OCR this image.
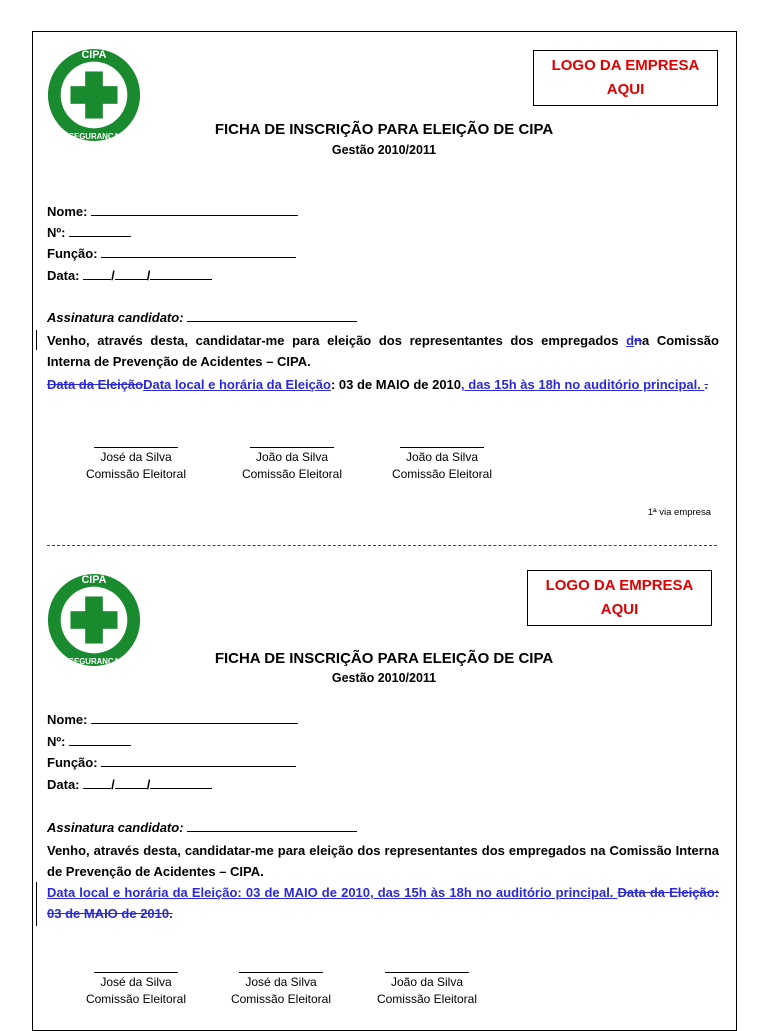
CIPA
SEGURANÇA
LOGO DA EMPRESA
AQUI
FICHA DE INSCRIÇÃO PARA ELEIÇÃO DE CIPA
Gestão 2010/2011
Nome:
Nº:
Função:
Data: / /
Assinatura candidato:
Venho, através desta, candidatar-me para eleição dos representantes dos empregados dna Comissão Interna de Prevenção de Acidentes – CIPA.
Data da EleiçãoData local e horária da Eleição: 03 de MAIO de 2010, das 15h às 18h no auditório principal. .
José da Silva
Comissão Eleitoral
João da Silva
Comissão Eleitoral
João da Silva
Comissão Eleitoral
1ª via empresa
CIPA
SEGURANÇA
LOGO DA EMPRESA
AQUI
FICHA DE INSCRIÇÃO PARA ELEIÇÃO DE CIPA
Gestão 2010/2011
Nome:
Nº:
Função:
Data: / /
Assinatura candidato:
Venho, através desta, candidatar-me para eleição dos representantes dos empregados na Comissão Interna de Prevenção de Acidentes – CIPA.
Data local e horária da Eleição: 03 de MAIO de 2010, das 15h às 18h no auditório principal. Data da Eleição: 03 de MAIO de 2010.
José da Silva
Comissão Eleitoral
José da Silva
Comissão Eleitoral
João da Silva
Comissão Eleitoral
